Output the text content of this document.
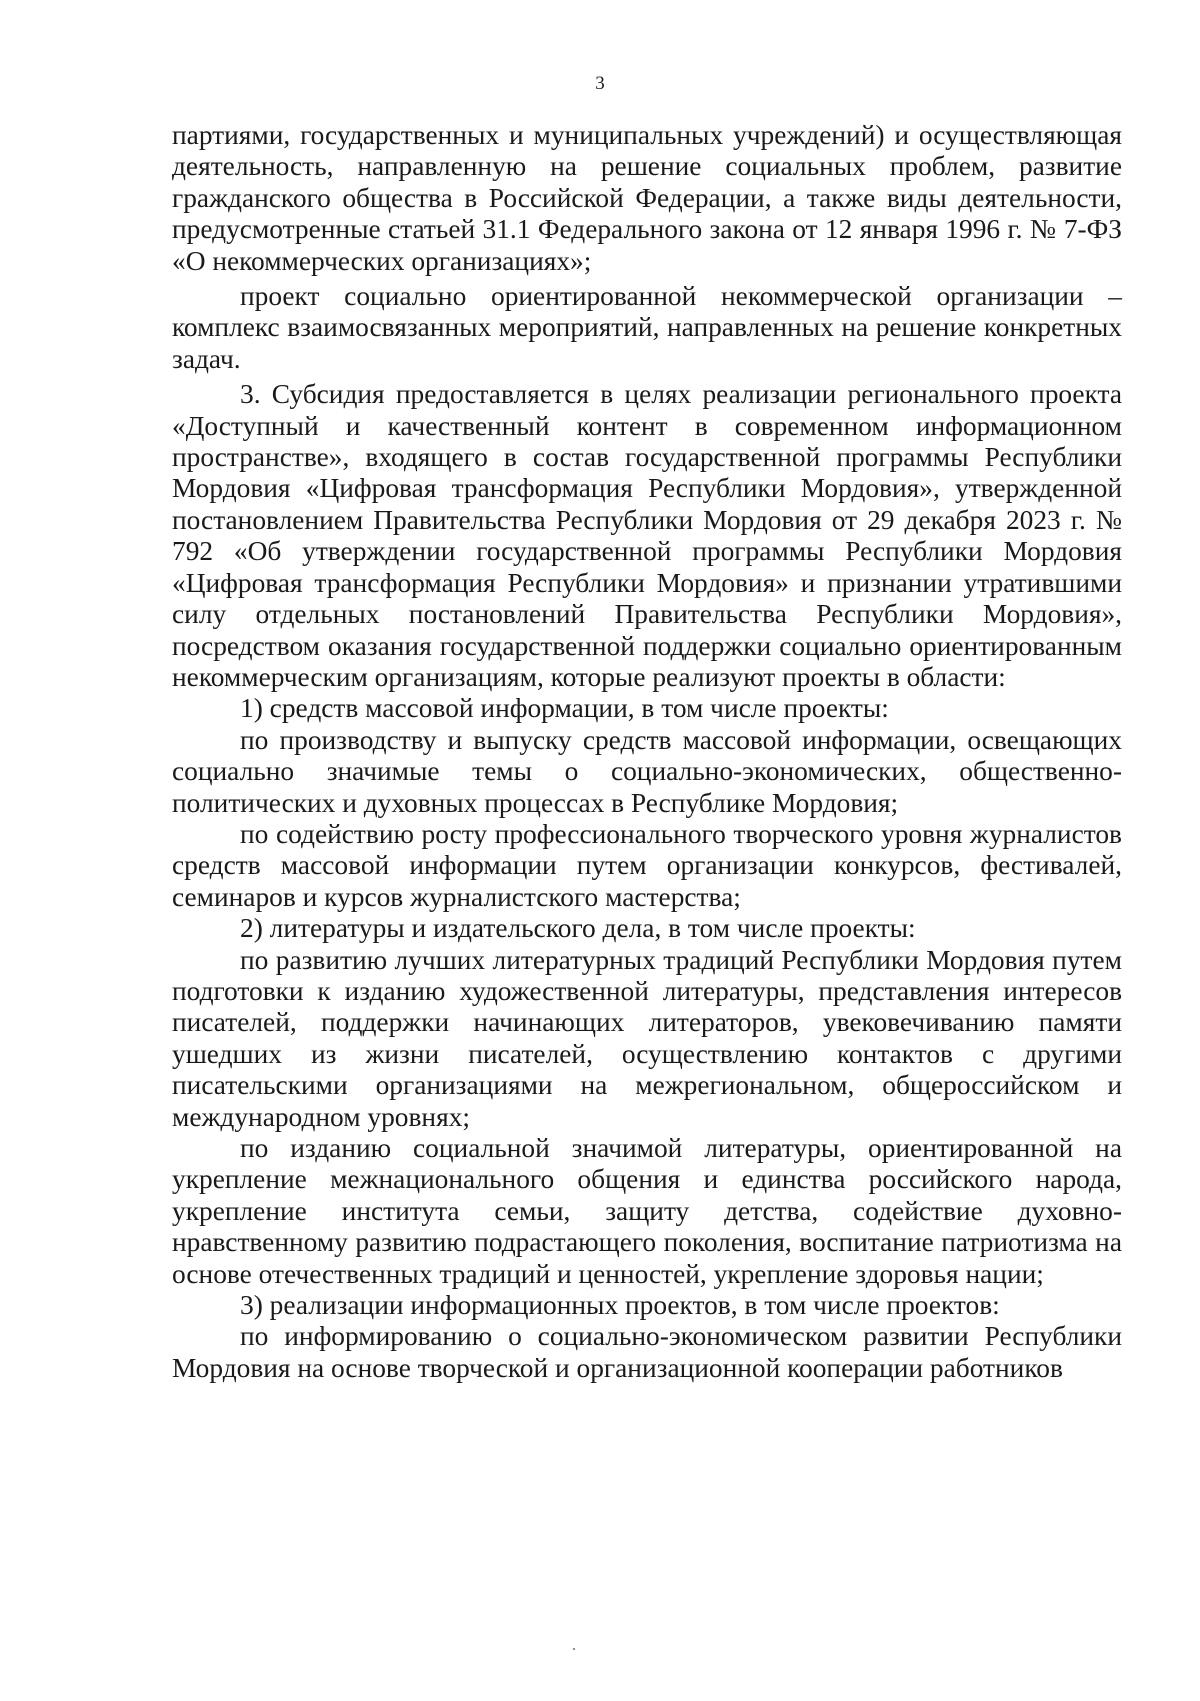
3

партиями, государственных и муниципальных учреждений) и осуществляющая деятельность, направленную на решение социальных проблем, развитие гражданского общества в Российской Федерации, а также виды деятельности, предусмотренные статьей 31.1 Федерального закона от 12 января 1996 г. № 7-ФЗ «О некоммерческих организациях»;

проект социально ориентированной некоммерческой организации – комплекс взаимосвязанных мероприятий, направленных на решение конкретных задач.

3. Субсидия предоставляется в целях реализации регионального проекта «Доступный и качественный контент в современном информационном пространстве», входящего в состав государственной программы Республики Мордовия «Цифровая трансформация Республики Мордовия», утвержденной постановлением Правительства Республики Мордовия от 29 декабря 2023 г. № 792 «Об утверждении государственной программы Республики Мордовия «Цифровая трансформация Республики Мордовия» и признании утратившими силу отдельных постановлений Правительства Республики Мордовия», посредством оказания государственной поддержки социально ориентированным некоммерческим организациям, которые реализуют проекты в области:

1) средств массовой информации, в том числе проекты:

по производству и выпуску средств массовой информации, освещающих социально значимые темы о социально-экономических, общественно-политических и духовных процессах в Республике Мордовия;

по содействию росту профессионального творческого уровня журналистов средств массовой информации путем организации конкурсов, фестивалей, семинаров и курсов журналистского мастерства;

2) литературы и издательского дела, в том числе проекты:

по развитию лучших литературных традиций Республики Мордовия путем подготовки к изданию художественной литературы, представления интересов писателей, поддержки начинающих литераторов, увековечиванию памяти ушедших из жизни писателей, осуществлению контактов с другими писательскими организациями на межрегиональном, общероссийском и международном уровнях;

по изданию социальной значимой литературы, ориентированной на укрепление межнационального общения и единства российского народа, укрепление института семьи, защиту детства, содействие духовно-нравственному развитию подрастающего поколения, воспитание патриотизма на основе отечественных традиций и ценностей, укрепление здоровья нации;

3) реализации информационных проектов, в том числе проектов:

по информированию о социально-экономическом развитии Республики Мордовия на основе творческой и организационной кооперации работников
